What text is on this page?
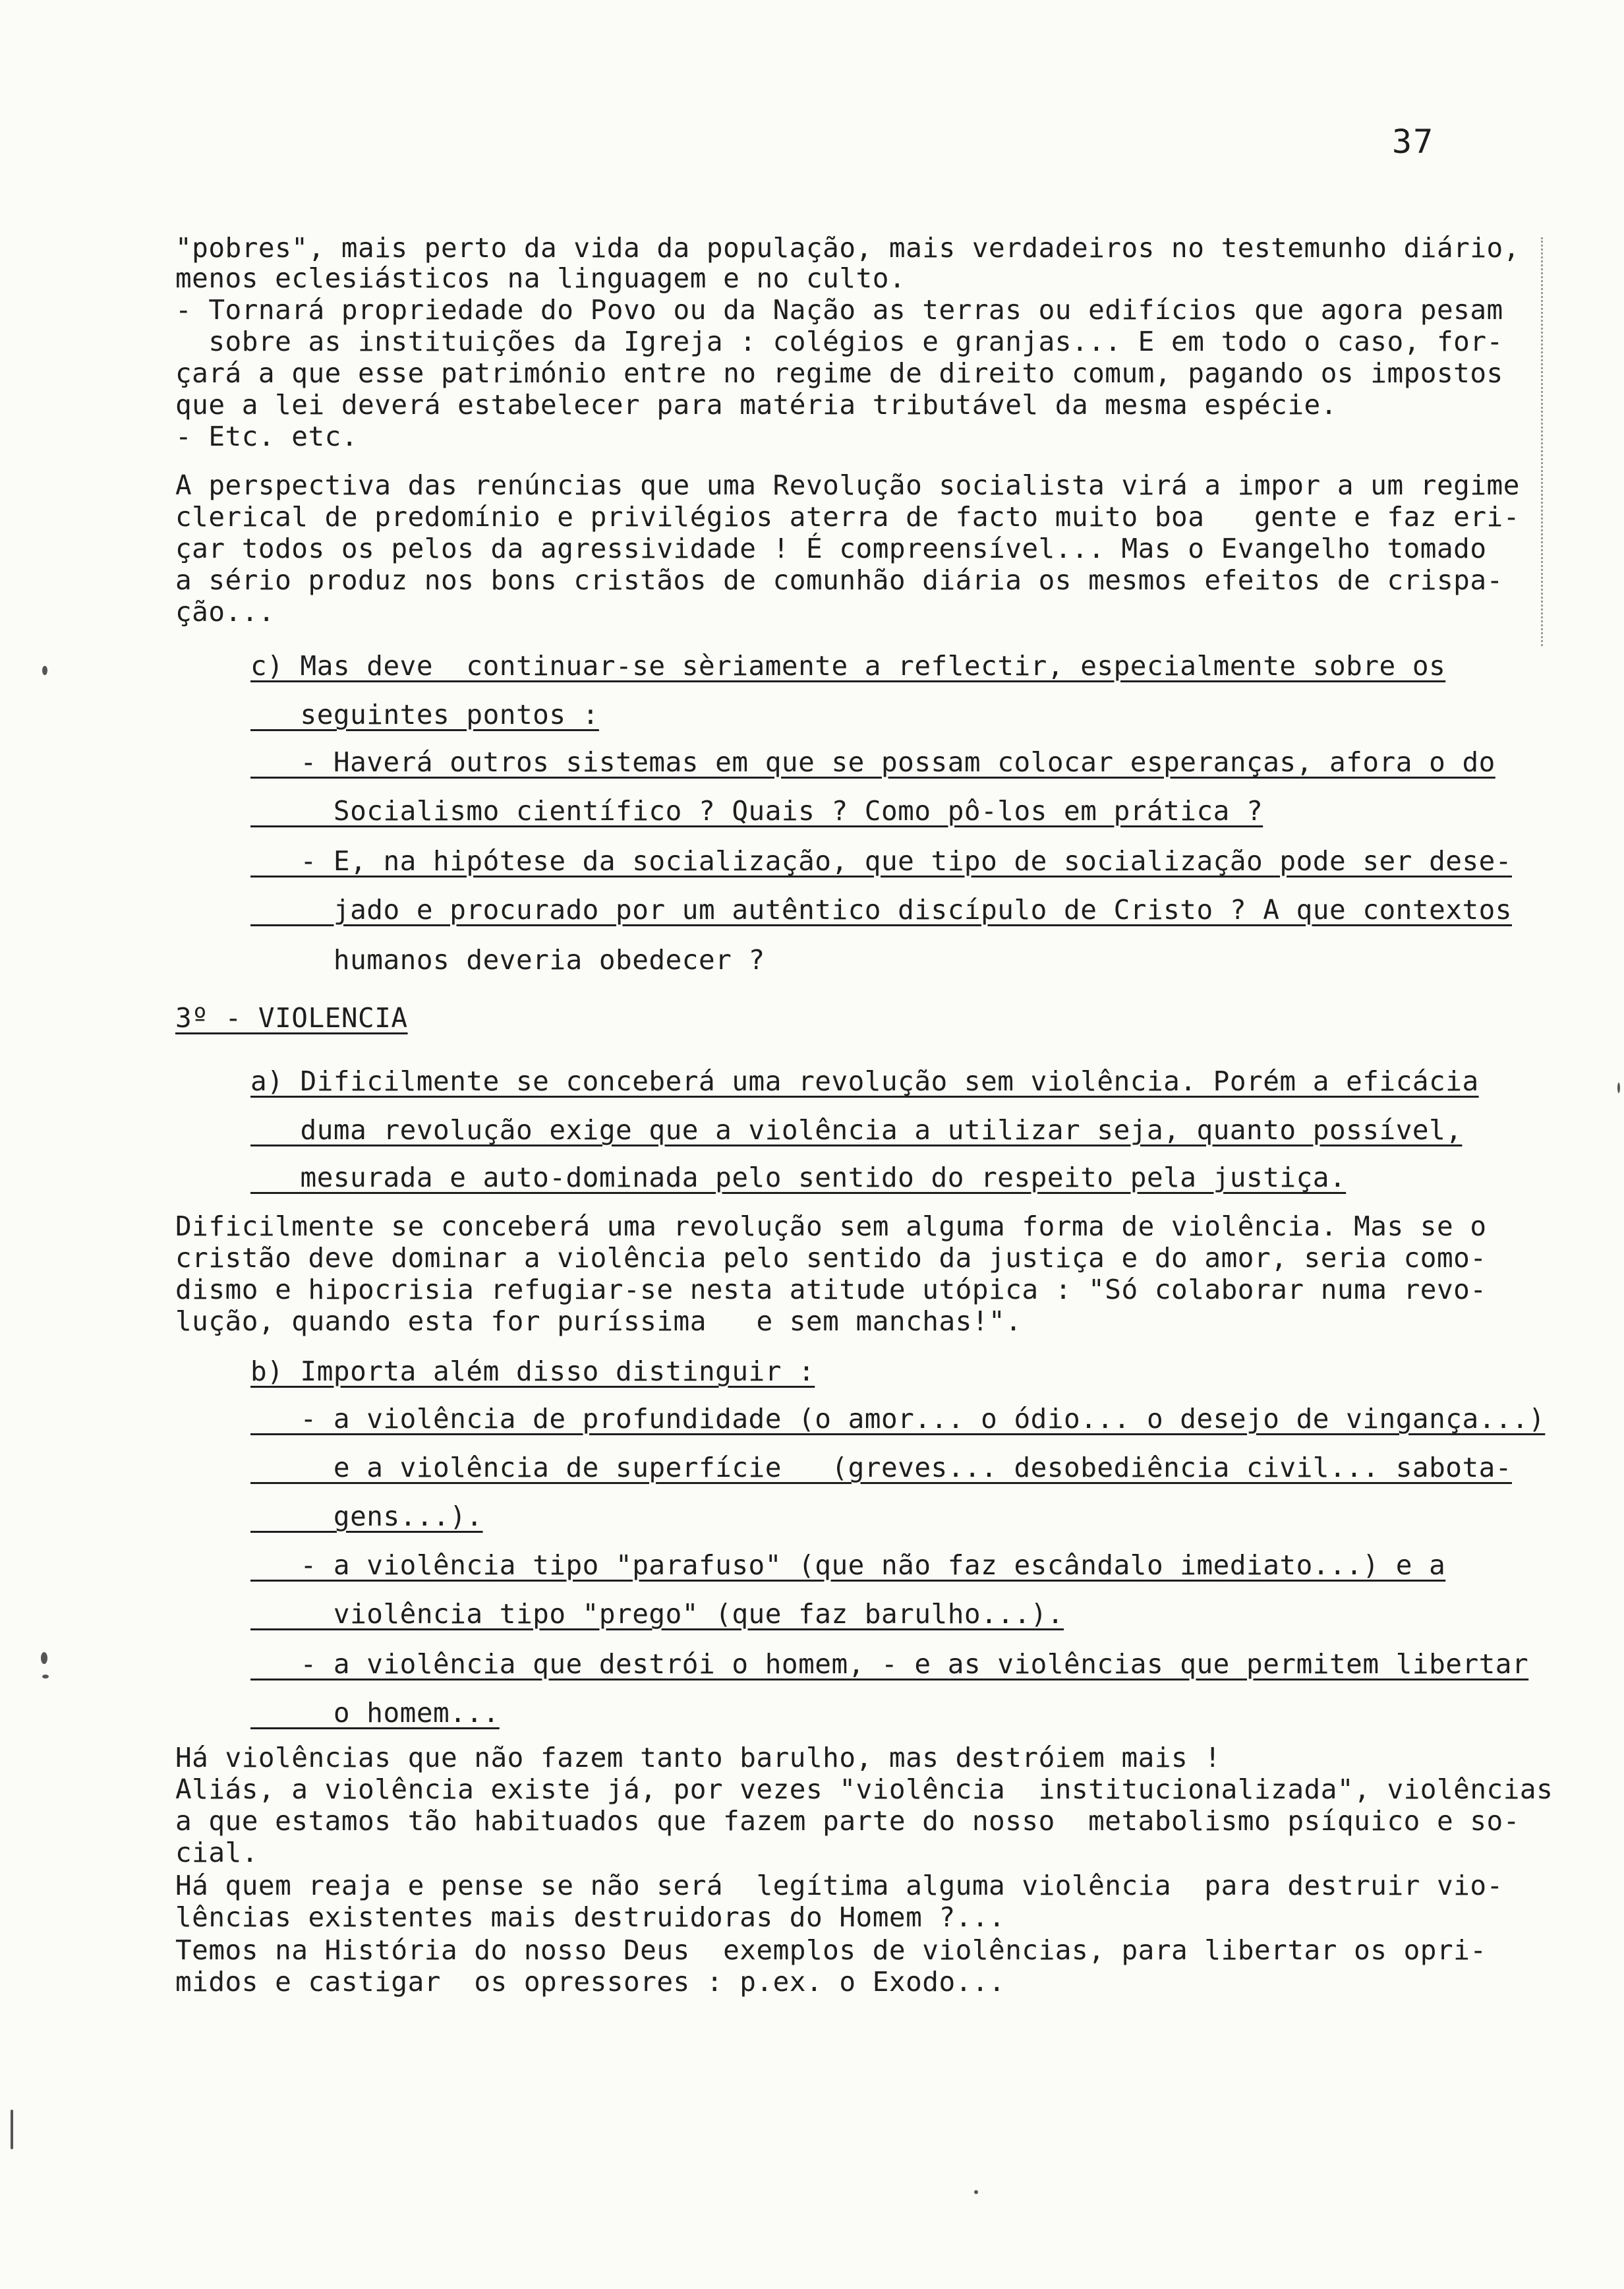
37
"pobres", mais perto da vida da população, mais verdadeiros no testemunho diário,
menos eclesiásticos na linguagem e no culto.
- Tornará propriedade do Povo ou da Nação as terras ou edifícios que agora pesam
sobre as instituições da Igreja : colégios e granjas... E em todo o caso, for-
çará a que esse património entre no regime de direito comum, pagando os impostos
que a lei deverá estabelecer para matéria tributável da mesma espécie.
- Etc. etc.
A perspectiva das renúncias que uma Revolução socialista virá a impor a um regime
clerical de predomínio e privilégios aterra de facto muito boa   gente e faz eri-
çar todos os pelos da agressividade ! É compreensível... Mas o Evangelho tomado
a sério produz nos bons cristãos de comunhão diária os mesmos efeitos de crispa-
ção...
c) Mas deve  continuar-se sèriamente a reflectir, especialmente sobre os
seguintes pontos :
- Haverá outros sistemas em que se possam colocar esperanças, afora o do
Socialismo científico ? Quais ? Como pô-los em prática ?
- E, na hipótese da socialização, que tipo de socialização pode ser dese-
jado e procurado por um autêntico discípulo de Cristo ? A que contextos
humanos deveria obedecer ?
3º - VIOLENCIA
a) Dificilmente se conceberá uma revolução sem violência. Porém a eficácia
duma revolução exige que a violência a utilizar seja, quanto possível,
mesurada e auto-dominada pelo sentido do respeito pela justiça.
Dificilmente se conceberá uma revolução sem alguma forma de violência. Mas se o
cristão deve dominar a violência pelo sentido da justiça e do amor, seria como-
dismo e hipocrisia refugiar-se nesta atitude utópica : "Só colaborar numa revo-
lução, quando esta for puríssima   e sem manchas!".
b) Importa além disso distinguir :
- a violência de profundidade (o amor... o ódio... o desejo de vingança...)
e a violência de superfície   (greves... desobediência civil... sabota-
gens...).
- a violência tipo "parafuso" (que não faz escândalo imediato...) e a
violência tipo "prego" (que faz barulho...).
- a violência que destrói o homem, - e as violências que permitem libertar
o homem...
Há violências que não fazem tanto barulho, mas destróiem mais !
Aliás, a violência existe já, por vezes "violência  institucionalizada", violências
a que estamos tão habituados que fazem parte do nosso  metabolismo psíquico e so-
cial.
Há quem reaja e pense se não será  legítima alguma violência  para destruir vio-
lências existentes mais destruidoras do Homem ?...
Temos na História do nosso Deus  exemplos de violências, para libertar os opri-
midos e castigar  os opressores : p.ex. o Exodo...
